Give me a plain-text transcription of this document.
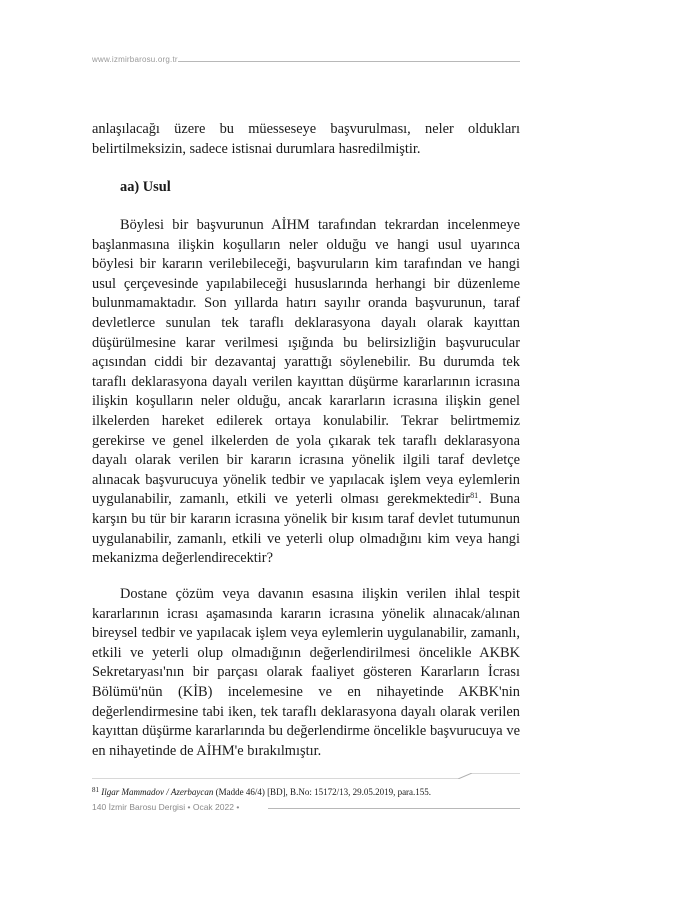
www.izmirbarosu.org.tr
anlaşılacağı üzere bu müesseseye başvurulması, neler oldukları belirtilmeksizin, sadece istisnai durumlara hasredilmiştir.
aa) Usul
Böylesi bir başvurunun AİHM tarafından tekrardan incelenmeye başlanmasına ilişkin koşulların neler olduğu ve hangi usul uyarınca böylesi bir kararın verilebileceği, başvuruların kim tarafından ve hangi usul çerçevesinde yapılabileceği hususlarında herhangi bir düzenleme bulunmamaktadır. Son yıllarda hatırı sayılır oranda başvurunun, taraf devletlerce sunulan tek taraflı deklarasyona dayalı olarak kayıttan düşürülmesine karar verilmesi ışığında bu belirsizliğin başvurucular açısından ciddi bir dezavantaj yarattığı söylenebilir. Bu durumda tek taraflı deklarasyona dayalı verilen kayıttan düşürme kararlarının icrasına ilişkin koşulların neler olduğu, ancak kararların icrasına ilişkin genel ilkelerden hareket edilerek ortaya konulabilir. Tekrar belirtmemiz gerekirse ve genel ilkelerden de yola çıkarak tek taraflı deklarasyona dayalı olarak verilen bir kararın icrasına yönelik ilgili taraf devletçe alınacak başvurucuya yönelik tedbir ve yapılacak işlem veya eylemlerin uygulanabilir, zamanlı, etkili ve yeterli olması gerekmektedir$^{81}$. Buna karşın bu tür bir kararın icrasına yönelik bir kısım taraf devlet tutumunun uygulanabilir, zamanlı, etkili ve yeterli olup olmadığını kim veya hangi mekanizma değerlendirecektir?
Dostane çözüm veya davanın esasına ilişkin verilen ihlal tespit kararlarının icrası aşamasında kararın icrasına yönelik alınacak/alınan bireysel tedbir ve yapılacak işlem veya eylemlerin uygulanabilir, zamanlı, etkili ve yeterli olup olmadığının değerlendirilmesi öncelikle AKBK Sekretaryası'nın bir parçası olarak faaliyet gösteren Kararların İcrası Bölümü'nün (KİB) incelemesine ve en nihayetinde AKBK'nin değerlendirmesine tabi iken, tek taraflı deklarasyona dayalı olarak verilen kayıttan düşürme kararlarında bu değerlendirme öncelikle başvurucuya ve en nihayetinde de AİHM'e bırakılmıştır.
$^{81}$ Ilgar Mammadov / Azerbaycan (Madde 46/4) [BD], B.No: 15172/13, 29.05.2019, para.155.
140 İzmir Barosu Dergisi • Ocak 2022 •
